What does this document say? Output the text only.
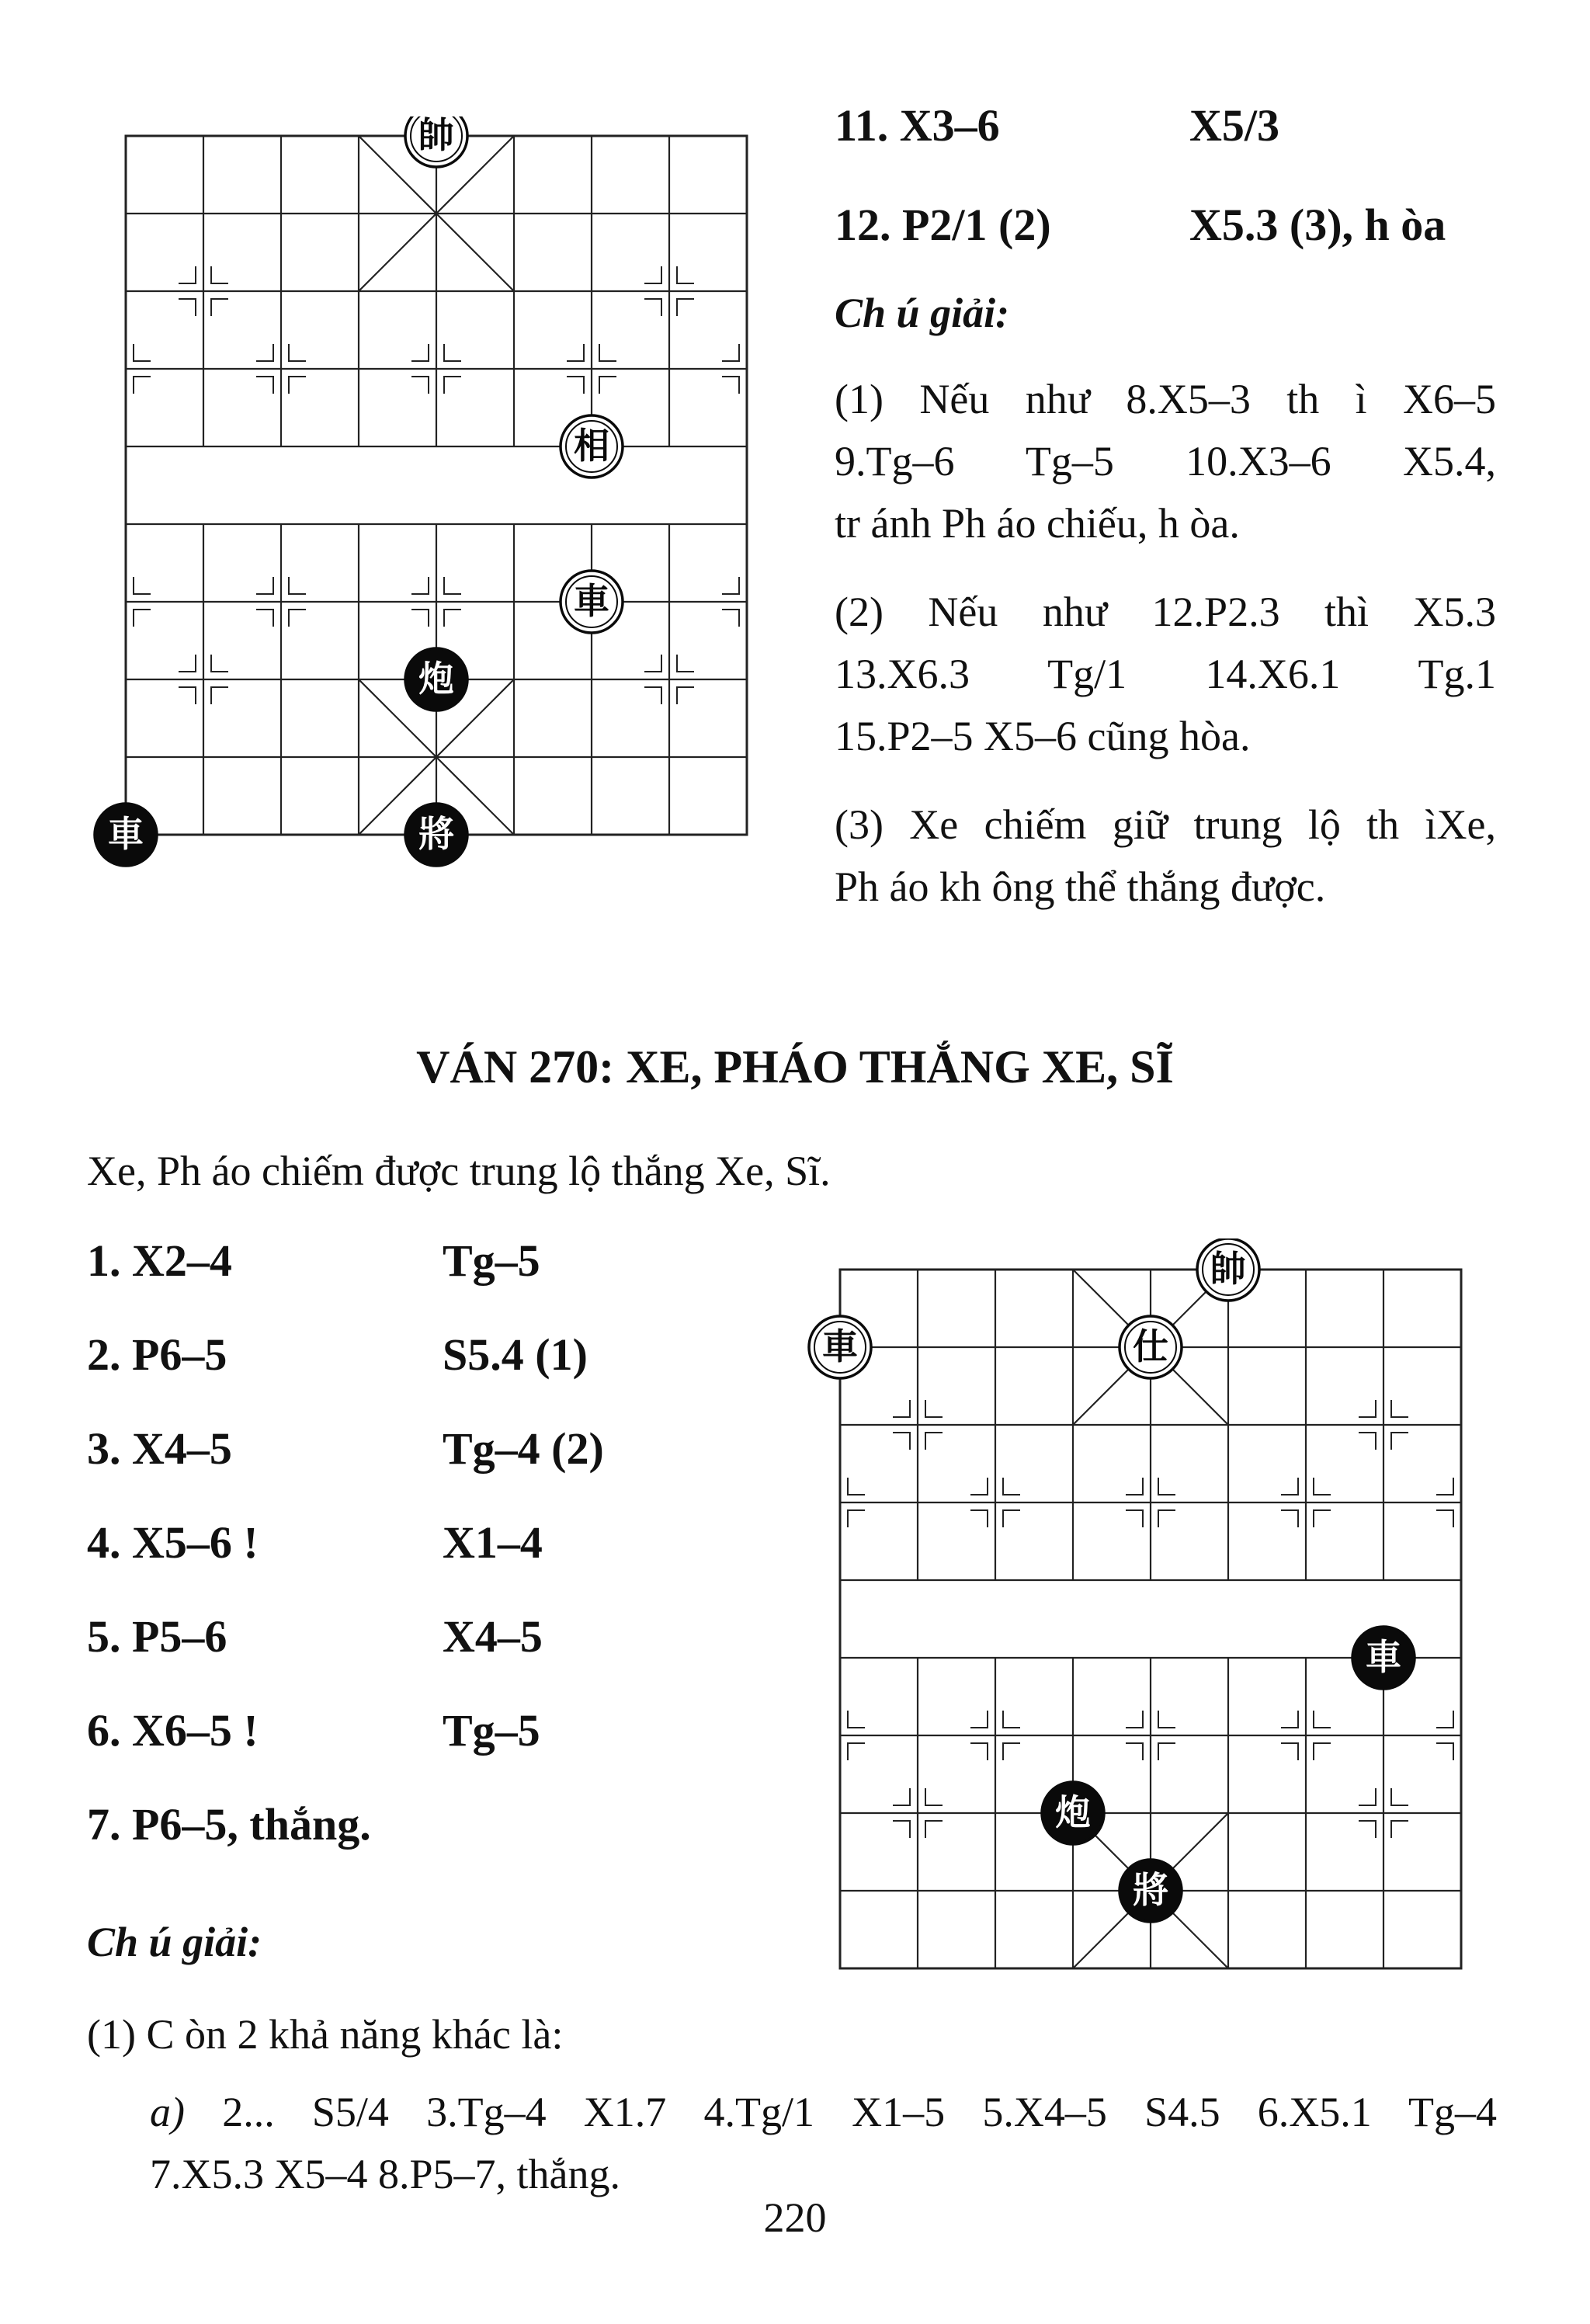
帥
相
車
炮
車	將
11. X3–6	X5/3
12. P2/1 (2)	X5.3 (3), h òa
Ch ú giải:
(1) Nếu như 8.X5–3 th ì X6–5
9.Tg–6 Tg–5 10.X3–6 X5.4,
tr ánh Ph áo chiếu, h òa.
(2) Nếu như 12.P2.3 thì X5.3
13.X6.3 Tg/1 14.X6.1 Tg.1
15.P2–5 X5–6 cũng hòa.
(3) Xe chiếm giữ trung lộ th ìXe,
Ph áo kh ông thể thắng được.
VÁN 270: XE, PHÁO THẮNG XE, SĨ
Xe, Ph áo chiếm được trung lộ thắng Xe, Sĩ.
1. X2–4	Tg–5
2. P6–5	S5.4 (1)
3. X4–5	Tg–4 (2)
4. X5–6 !	X1–4
5. P5–6	X4–5
6. X6–5 !	Tg–5
7. P6–5, thắng.
帥
車	仕
車
炮
將
Ch ú giải:
(1) C òn 2 khả năng khác là:
a) 2... S5/4 3.Tg–4 X1.7 4.Tg/1 X1–5 5.X4–5 S4.5 6.X5.1 Tg–4
7.X5.3 X5–4 8.P5–7, thắng.
220
